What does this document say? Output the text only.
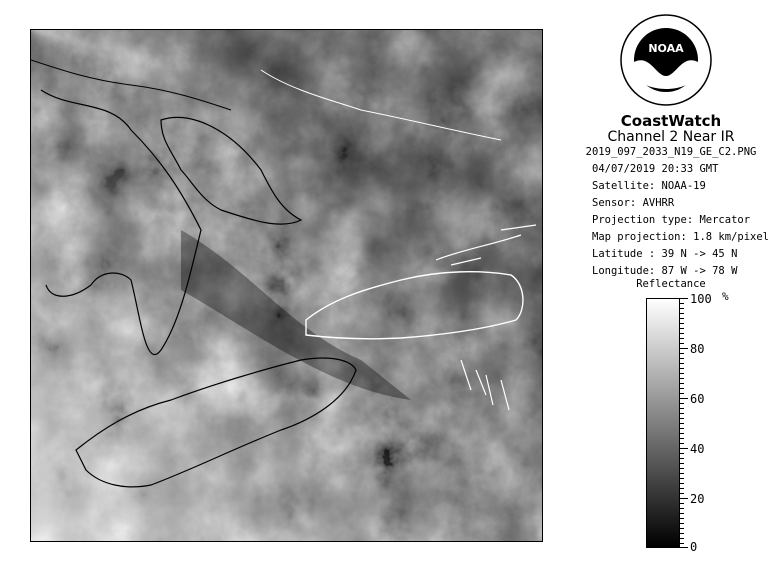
NOAA
CoastWatch
Channel 2 Near IR
2019_097_2033_N19_GE_C2.PNG
04/07/2019 20:33 GMT
Satellite: NOAA-19
Sensor: AVHRR
Projection type: Mercator
Map projection: 1.8 km/pixel
Latitude : 39 N -> 45 N
Longitude: 87 W -> 78 W
Reflectance
%
100
80
60
40
20
0
